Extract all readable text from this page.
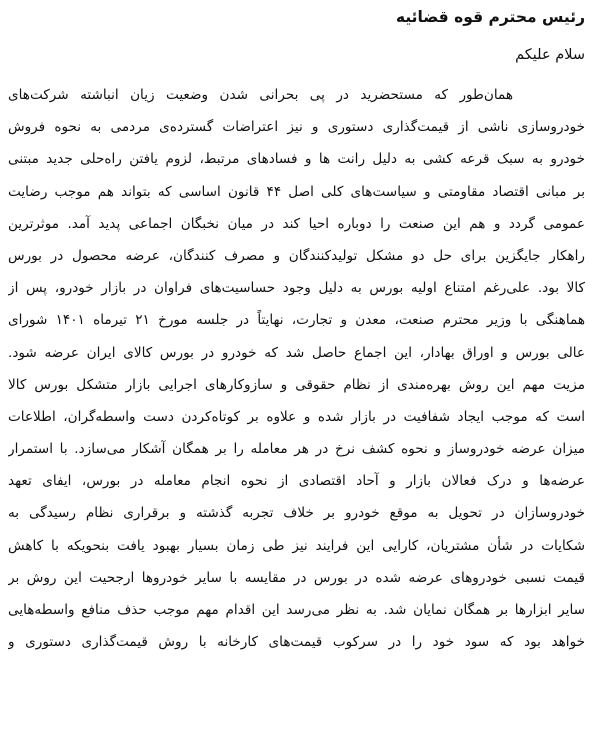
رئیس محترم قوه قضائیه
سلام علیکم
همان‌طور که مستحضرید در پی بحرانی شدن وضعیت زیان انباشته شرکت‌های
خودروسازی ناشی از قیمت‌گذاری دستوری و نیز اعتراضات گسترده‌ی مردمی به نحوه فروش
خودرو به سبک قرعه کشی به دلیل رانت ها و فسادهای مرتبط، لزوم یافتن راه‌حلی جدید مبتنی
بر مبانی اقتصاد مقاومتی و سیاست‌های کلی اصل ۴۴ قانون اساسی که بتواند هم موجب رضایت
عمومی گردد و هم این صنعت را دوباره احیا کند در میان نخبگان اجماعی پدید آمد. موثرترین
راهکار جایگزین برای حل دو مشکل تولیدکنندگان و مصرف کنندگان، عرضه محصول در بورس
کالا بود. علی‌رغم امتناع اولیه بورس به دلیل وجود حساسیت‌های فراوان در بازار خودرو، پس از
هماهنگی با وزیر محترم صنعت، معدن و تجارت، نهایتاً در جلسه مورخ ۲۱ تیرماه ۱۴۰۱ شورای
عالی بورس و اوراق بهادار، این اجماع حاصل شد که خودرو در بورس کالای ایران عرضه شود.
مزیت مهم این روش بهره‌مندی از نظام حقوقی و سازوکارهای اجرایی بازار متشکل بورس کالا
است که موجب ایجاد شفافیت در بازار شده و علاوه بر کوتاه‌کردن دست واسطه‌گران، اطلاعات
میزان عرضه خودروساز و نحوه کشف نرخ در هر معامله را بر همگان آشکار می‌سازد. با استمرار
عرضه‌ها و درک فعالان بازار و آحاد اقتصادی از نحوه انجام معامله در بورس، ایفای تعهد
خودروسازان در تحویل به موقع خودرو بر خلاف تجربه گذشته و برقراری نظام رسیدگی به
شکایات در شأن مشتریان، کارایی این فرایند نیز طی زمان بسیار بهبود یافت بنحویکه با کاهش
قیمت نسبی خودروهای عرضه شده در بورس در مقایسه با سایر خودروها ارجحیت این روش بر
سایر ابزارها بر همگان نمایان شد. به نظر می‌رسد این اقدام مهم موجب حذف منافع واسطه‌هایی
خواهد بود که سود خود را در سرکوب قیمت‌های کارخانه با روش قیمت‌گذاری دستوری و
